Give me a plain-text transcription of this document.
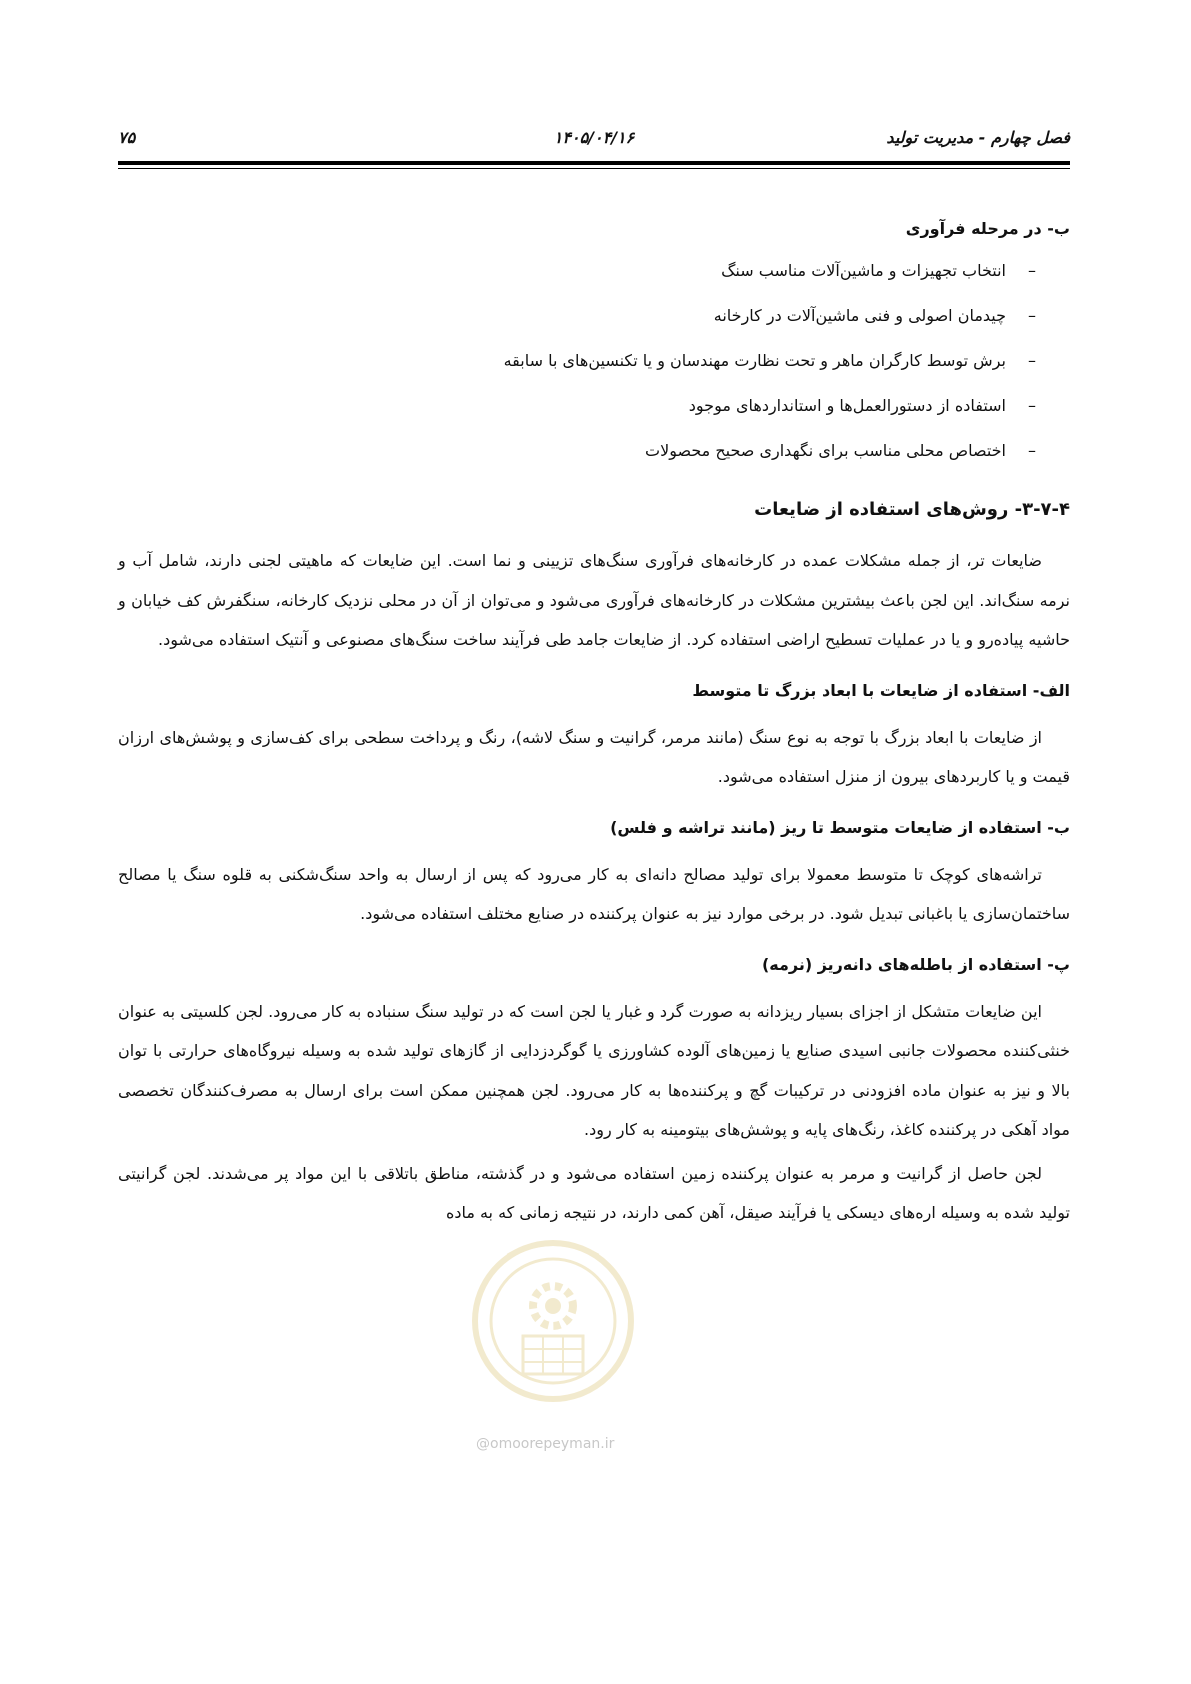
۷۵	۱۴۰۵/۰۴/۱۶	فصل چهارم - مدیریت تولید

ب- در مرحله فرآوری

–
انتخاب تجهیزات و ماشین‌آلات مناسب سنگ
–
چیدمان اصولی و فنی ماشین‌آلات در کارخانه
–
برش توسط کارگران ماهر و تحت نظارت مهندسان و یا تکنسین‌های با سابقه
–
استفاده از دستورالعمل‌ها و استانداردهای موجود
–
اختصاص محلی مناسب برای نگهداری صحیح محصولات

۳-۷-۴- روش‌های استفاده از ضایعات

ضایعات تر، از جمله مشکلات عمده در کارخانه‌های فرآوری سنگ‌های تزیینی و نما است. این ضایعات که ماهیتی لجنی دارند، شامل آب و نرمه سنگ‌اند. این لجن باعث بیشترین مشکلات در کارخانه‌های فرآوری می‌شود و می‌توان از آن در محلی نزدیک کارخانه، سنگفرش کف خیابان و حاشیه پیاده‌رو و یا در عملیات تسطیح اراضی استفاده کرد. از ضایعات جامد طی فرآیند ساخت سنگ‌های مصنوعی و آنتیک استفاده می‌شود.

الف- استفاده از ضایعات با ابعاد بزرگ تا متوسط

از ضایعات با ابعاد بزرگ با توجه به نوع سنگ (مانند مرمر، گرانیت و سنگ لاشه)، رنگ و پرداخت سطحی برای کف‌سازی و پوشش‌های ارزان قیمت و یا کاربردهای بیرون از منزل استفاده می‌شود.

ب- استفاده از ضایعات متوسط تا ریز (مانند تراشه و فلس)

تراشه‌های کوچک تا متوسط معمولا برای تولید مصالح دانه‌ای به کار می‌رود که پس از ارسال به واحد سنگ‌شکنی به قلوه سنگ یا مصالح ساختمان‌سازی یا باغبانی تبدیل شود. در برخی موارد نیز به عنوان پرکننده در صنایع مختلف استفاده می‌شود.

پ- استفاده از باطله‌های دانه‌ریز (نرمه)

این ضایعات متشکل از اجزای بسیار ریزدانه به صورت گرد و غبار یا لجن است که در تولید سنگ سنباده به کار می‌رود. لجن کلسیتی به عنوان خنثی‌کننده محصولات جانبی اسیدی صنایع یا زمین‌های آلوده کشاورزی یا گوگردزدایی از گازهای تولید شده به وسیله نیروگاه‌های حرارتی با توان بالا و نیز به عنوان ماده افزودنی در ترکیبات گچ و پرکننده‌ها به کار می‌رود. لجن همچنین ممکن است برای ارسال به مصرف‌کنندگان تخصصی مواد آهکی در پرکننده کاغذ، رنگ‌های پایه و پوشش‌های بیتومینه به کار رود.

لجن حاصل از گرانیت و مرمر به عنوان پرکننده زمین استفاده می‌شود و در گذشته، مناطق باتلاقی با این مواد پر می‌شدند. لجن گرانیتی تولید شده به وسیله اره‌های دیسکی یا فرآیند صیقل، آهن کمی دارند، در نتیجه زمانی که به ماده

@omoorepeyman.ir
